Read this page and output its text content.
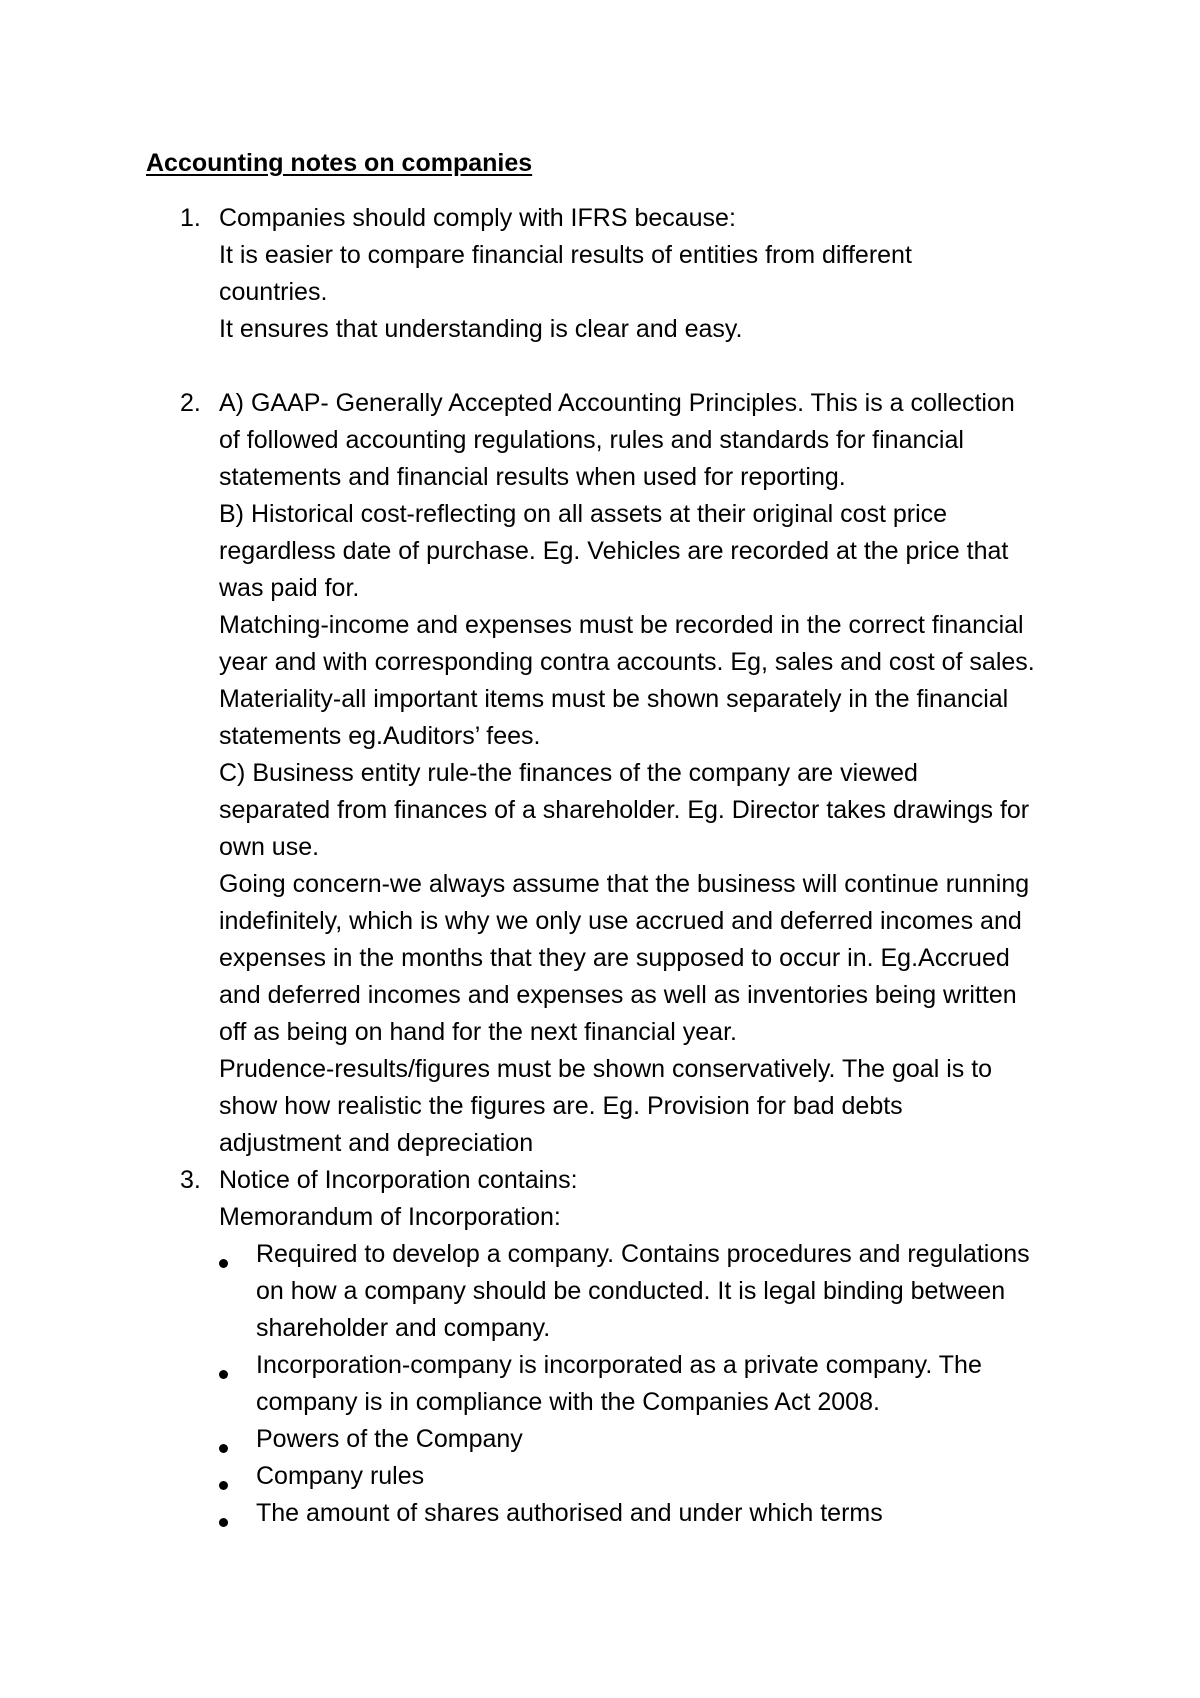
Accounting notes on companies
1. Companies should comply with IFRS because:
It is easier to compare financial results of entities from different
countries.
It ensures that understanding is clear and easy.
2. A) GAAP- Generally Accepted Accounting Principles. This is a collection
of followed accounting regulations, rules and standards for financial
statements and financial results when used for reporting.
B) Historical cost-reflecting on all assets at their original cost price
regardless date of purchase. Eg. Vehicles are recorded at the price that
was paid for.
Matching-income and expenses must be recorded in the correct financial
year and with corresponding contra accounts. Eg, sales and cost of sales.
Materiality-all important items must be shown separately in the financial
statements eg.Auditors’ fees.
C) Business entity rule-the finances of the company are viewed
separated from finances of a shareholder. Eg. Director takes drawings for
own use.
Going concern-we always assume that the business will continue running
indefinitely, which is why we only use accrued and deferred incomes and
expenses in the months that they are supposed to occur in. Eg.Accrued
and deferred incomes and expenses as well as inventories being written
off as being on hand for the next financial year.
Prudence-results/figures must be shown conservatively. The goal is to
show how realistic the figures are. Eg. Provision for bad debts
adjustment and depreciation
3. Notice of Incorporation contains:
Memorandum of Incorporation:
Required to develop a company. Contains procedures and regulations
on how a company should be conducted. It is legal binding between
shareholder and company.
Incorporation-company is incorporated as a private company. The
company is in compliance with the Companies Act 2008.
Powers of the Company
Company rules
The amount of shares authorised and under which terms
